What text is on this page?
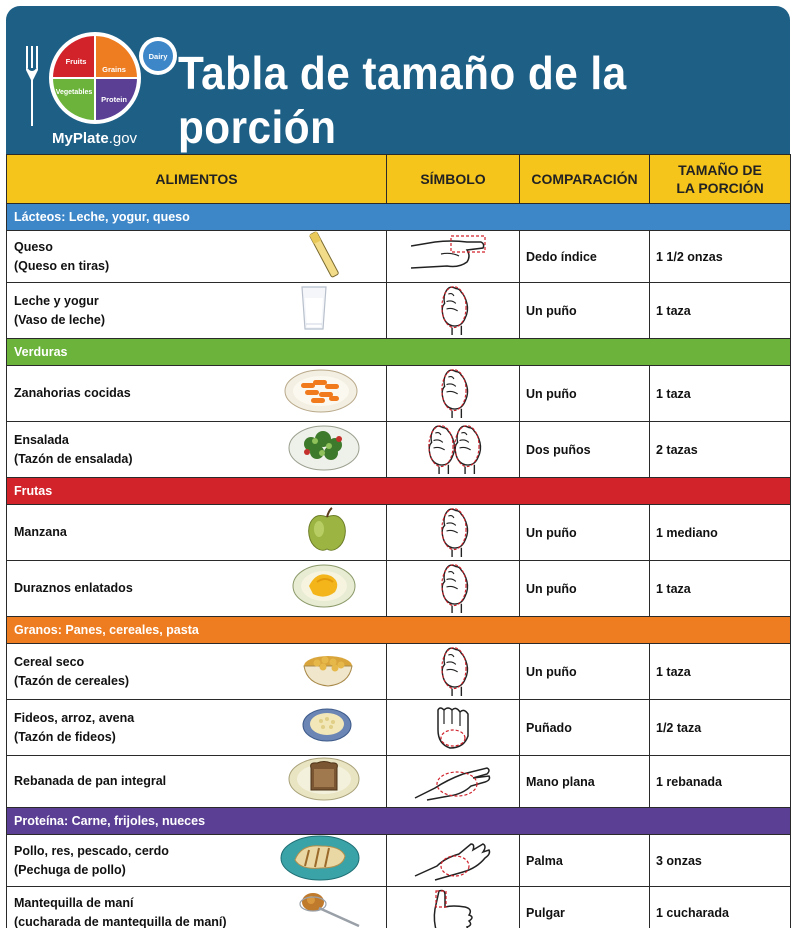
Fruits
Grains
Vegetables
Protein
Dairy
MyPlate.gov
Tabla de tamaño de la porción
ALIMENTOS	SÍMBOLO	COMPARACIÓN	TAMAÑO DE LA PORCIÓN

Lácteos: Leche, yogur, queso			

Queso
(Queso en tiras)		Dedo índice	1 1/2 onzas

Leche y yogur
(Vaso de leche)		Un puño	1 taza
Verduras			

Zanahorias cocidas		Un puño	1 taza

Ensalada
(Tazón de ensalada)		Dos puños	2 tazas
Frutas			

Manzana		Un puño	1 mediano

Duraznos enlatados		Un puño	1 taza
Granos: Panes, cereales, pasta			

Cereal seco
(Tazón de cereales)		Un puño	1 taza

Fideos, arroz, avena
(Tazón de fideos)		Puñado	1/2 taza

Rebanada de pan integral		Mano plana	1 rebanada
Proteína: Carne, frijoles, nueces			

Pollo, res, pescado, cerdo
(Pechuga de pollo)		Palma	3 onzas

Mantequilla de maní
(cucharada de mantequilla de maní)		Pulgar	1 cucharada
